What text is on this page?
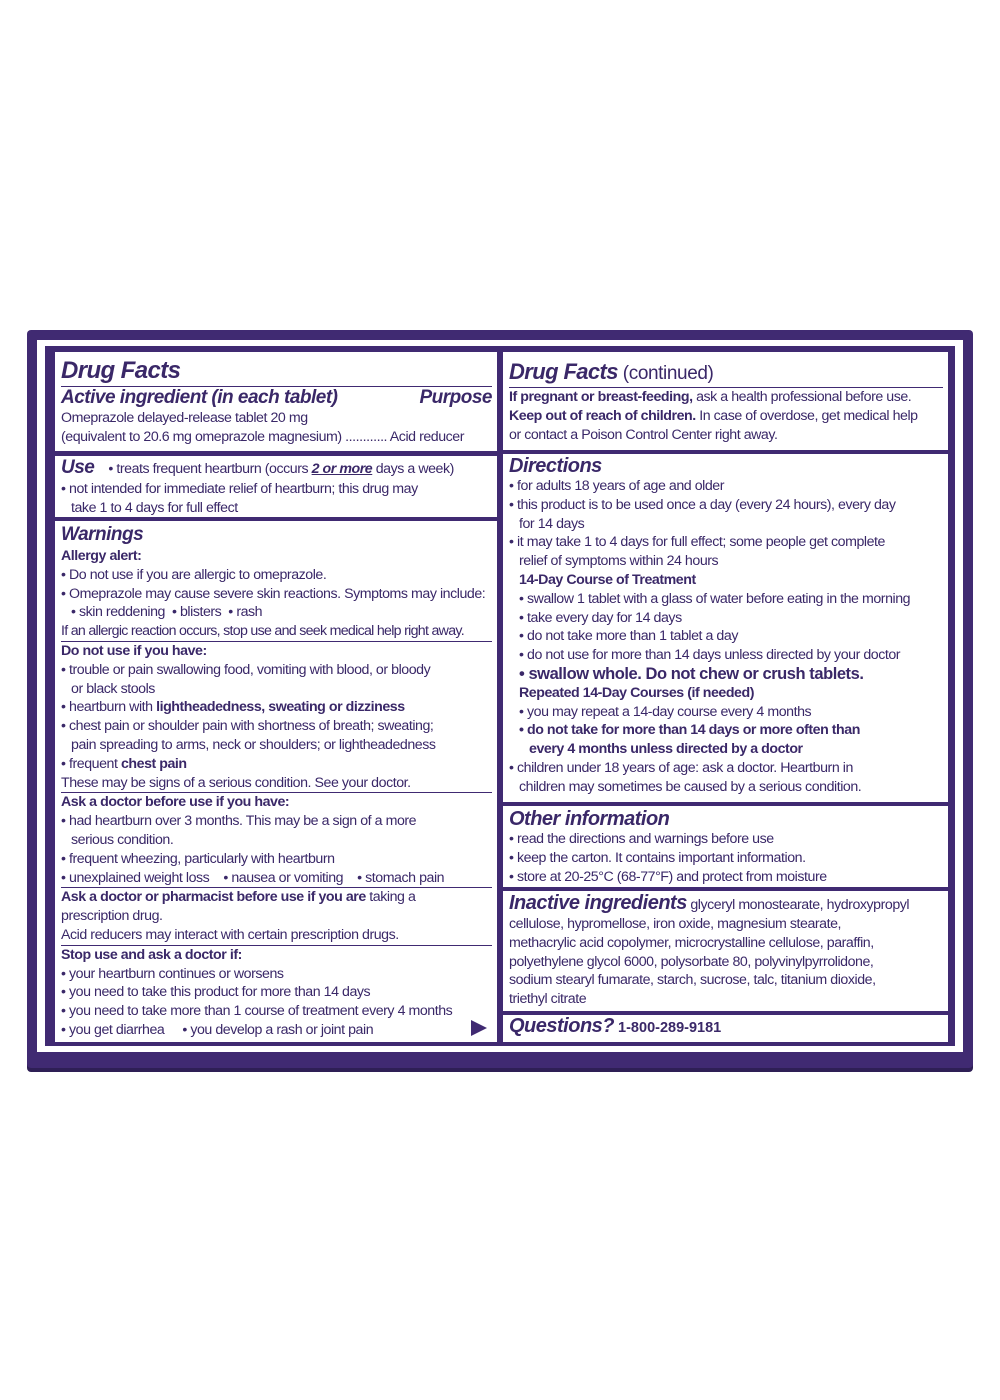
Drug Facts
Active ingredient (in each tablet)	Purpose
Omeprazole delayed-release tablet 20 mg
(equivalent to 20.6 mg omeprazole magnesium) ............ Acid reducer
Use • treats frequent heartburn (occurs 2 or more days a week)
• not intended for immediate relief of heartburn; this drug may
take 1 to 4 days for full effect
Warnings
Allergy alert:
• Do not use if you are allergic to omeprazole.
• Omeprazole may cause severe skin reactions. Symptoms may include:
• skin reddening  • blisters  • rash
If an allergic reaction occurs, stop use and seek medical help right away.
Do not use if you have:
• trouble or pain swallowing food, vomiting with blood, or bloody
or black stools
• heartburn with lightheadedness, sweating or dizziness
• chest pain or shoulder pain with shortness of breath; sweating;
pain spreading to arms, neck or shoulders; or lightheadedness
• frequent chest pain
These may be signs of a serious condition. See your doctor.
Ask a doctor before use if you have:
• had heartburn over 3 months. This may be a sign of a more
serious condition.
• frequent wheezing, particularly with heartburn
• unexplained weight loss • nausea or vomiting • stomach pain
Ask a doctor or pharmacist before use if you are taking a
prescription drug.
Acid reducers may interact with certain prescription drugs.
Stop use and ask a doctor if:
• your heartburn continues or worsens
• you need to take this product for more than 14 days
• you need to take more than 1 course of treatment every 4 months
• you get diarrhea • you develop a rash or joint pain
Drug Facts (continued)
If pregnant or breast-feeding, ask a health professional before use.
Keep out of reach of children. In case of overdose, get medical help
or contact a Poison Control Center right away.
Directions
• for adults 18 years of age and older
• this product is to be used once a day (every 24 hours), every day
for 14 days
• it may take 1 to 4 days for full effect; some people get complete
relief of symptoms within 24 hours
14-Day Course of Treatment
• swallow 1 tablet with a glass of water before eating in the morning
• take every day for 14 days
• do not take more than 1 tablet a day
• do not use for more than 14 days unless directed by your doctor
• swallow whole. Do not chew or crush tablets.
Repeated 14-Day Courses (if needed)
• you may repeat a 14-day course every 4 months
• do not take for more than 14 days or more often than
every 4 months unless directed by a doctor
• children under 18 years of age: ask a doctor. Heartburn in
children may sometimes be caused by a serious condition.
Other information
• read the directions and warnings before use
• keep the carton. It contains important information.
• store at 20-25°C (68-77°F) and protect from moisture
Inactive ingredients glyceryl monostearate, hydroxypropyl
cellulose, hypromellose, iron oxide, magnesium stearate,
methacrylic acid copolymer, microcrystalline cellulose, paraffin,
polyethylene glycol 6000, polysorbate 80, polyvinylpyrrolidone,
sodium stearyl fumarate, starch, sucrose, talc, titanium dioxide,
triethyl citrate
Questions? 1-800-289-9181
